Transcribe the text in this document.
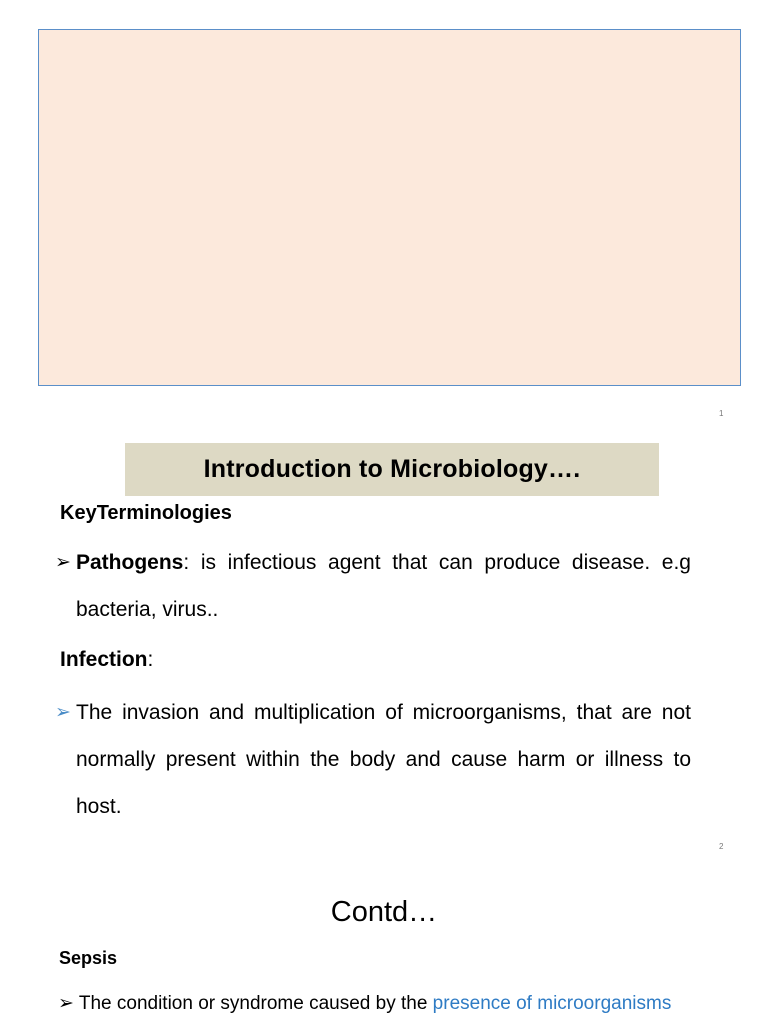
1
Introduction to Microbiology….
KeyTerminologies
➢ Pathogens: is infectious agent that can produce disease. e.g bacteria, virus..
Infection:
➢ The invasion and multiplication of microorganisms, that are not normally present within the body and cause harm or illness to host.
2
Contd…
Sepsis
➢ The condition or syndrome caused by the presence of microorganisms
